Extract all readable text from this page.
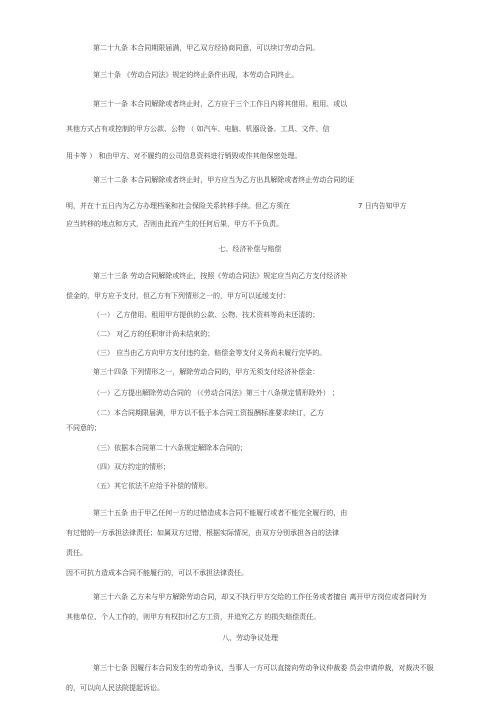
第二十九条 本合同期限届满，甲乙双方经协商同意，可以续订劳动合同。
第三十条 《劳动合同法》规定的终止条件出现，本劳动合同终止。
第三十一条 本合同解除或者终止时，乙方应于三个工作日内将其借用、租用、或以
其他方式占有或控制的甲方公款、公物 （ 如汽车、电脑、机器设备、工具、文件、信
用卡等 ） 和由甲方、对不履约的公司信息资料进行销毁或作其他保密处理。
第三十二条 本合同解除或者终止时，甲方应当为乙方出具解除或者终止劳动合同的证
明，并在十五日内为乙方办理档案和社会保险关系转移手续。但乙方须在	7 日内告知甲方
应当转移的地点和方式，否则由此而产生的任何后果，甲方不予负责。
七、经济补偿与赔偿
第三十三条 劳动合同解除或终止，按照《劳动合同法》规定应当向乙方支付经济补
偿金的，甲方应予支付，但乙方有下列情形之一的，甲方可以延缓支付：
（一） 乙方借用、租用甲方提供的公款、公物、技术资料等尚未还清的；
（二） 对乙方的任职审计尚未结束的；
（三） 应当由乙方向甲方支付违约金、赔偿金等支付义务尚未履行完毕的。
第三十四条 下列情形之一，解除劳动合同的，甲方无须支付经济补偿金：
（一）乙方提出解除劳动合同的 （《劳动合同法》第三十八条规定情形除外） ；
（二）本合同期限届满，甲方以不低于本合同工资报酬标准要求续订，乙方
不同意的；
（三）依据本合同第二十六条规定解除本合同的；
（四）双方约定的情形；
（五）其它依法不应给予补偿的情形。
第三十五条 由于甲乙任何一方的过错造成本合同不能履行或者不能完全履行的，由
有过错的一方承担法律责任；如属双方过错，根据实际情况，由双方分别承担各自的法律
责任。
因不可抗力造成本合同不能履行的，可以不承担法律责任。
第三十六条 乙方未与甲方解除劳动合同，却又不执行甲方交给的工作任务或者擅自 离开甲方岗位或者同时为
其他单位、个人工作的，则甲方有权扣付乙方工资，并追究乙方 的损失赔偿责任。
八、劳动争议处理
第三十七条 因履行本合同发生的劳动争议，当事人一方可以直接向劳动争议仲裁委 员会申请仲裁，对裁决不服
的，可以向人民法院提起诉讼。
